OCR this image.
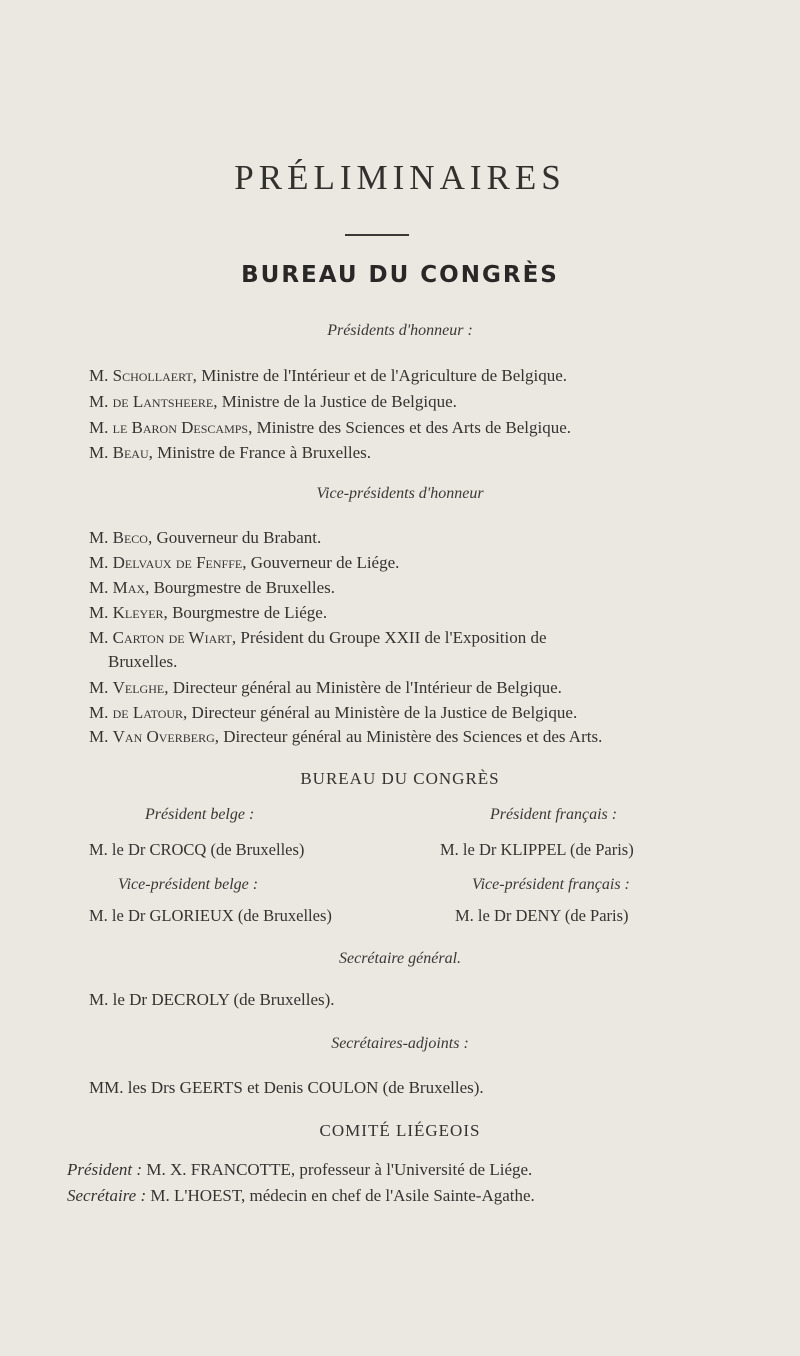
PRÉLIMINAIRES
BUREAU DU CONGRÈS
Présidents d'honneur :
M. Schollaert, Ministre de l'Intérieur et de l'Agriculture de Belgique.
M. de Lantsheere, Ministre de la Justice de Belgique.
M. le Baron Descamps, Ministre des Sciences et des Arts de Belgique.
M. Beau, Ministre de France à Bruxelles.
Vice-présidents d'honneur
M. Beco, Gouverneur du Brabant.
M. Delvaux de Fenffe, Gouverneur de Liége.
M. Max, Bourgmestre de Bruxelles.
M. Kleyer, Bourgmestre de Liége.
M. Carton de Wiart, Président du Groupe XXII de l'Exposition de
Bruxelles.
M. Velghe, Directeur général au Ministère de l'Intérieur de Belgique.
M. de Latour, Directeur général au Ministère de la Justice de Belgique.
M. Van Overberg, Directeur général au Ministère des Sciences et des Arts.
BUREAU DU CONGRÈS
Président belge :	Président français :
M. le Dr CROCQ (de Bruxelles)	M. le Dr KLIPPEL (de Paris)
Vice-président belge :	Vice-président français :
M. le Dr GLORIEUX (de Bruxelles)	M. le Dr DENY (de Paris)
Secrétaire général.
M. le Dr DECROLY (de Bruxelles).
Secrétaires-adjoints :
MM. les Drs GEERTS et Denis COULON (de Bruxelles).
COMITÉ LIÉGEOIS
Président : M. X. FRANCOTTE, professeur à l'Université de Liége.
Secrétaire : M. L'HOEST, médecin en chef de l'Asile Sainte-Agathe.
